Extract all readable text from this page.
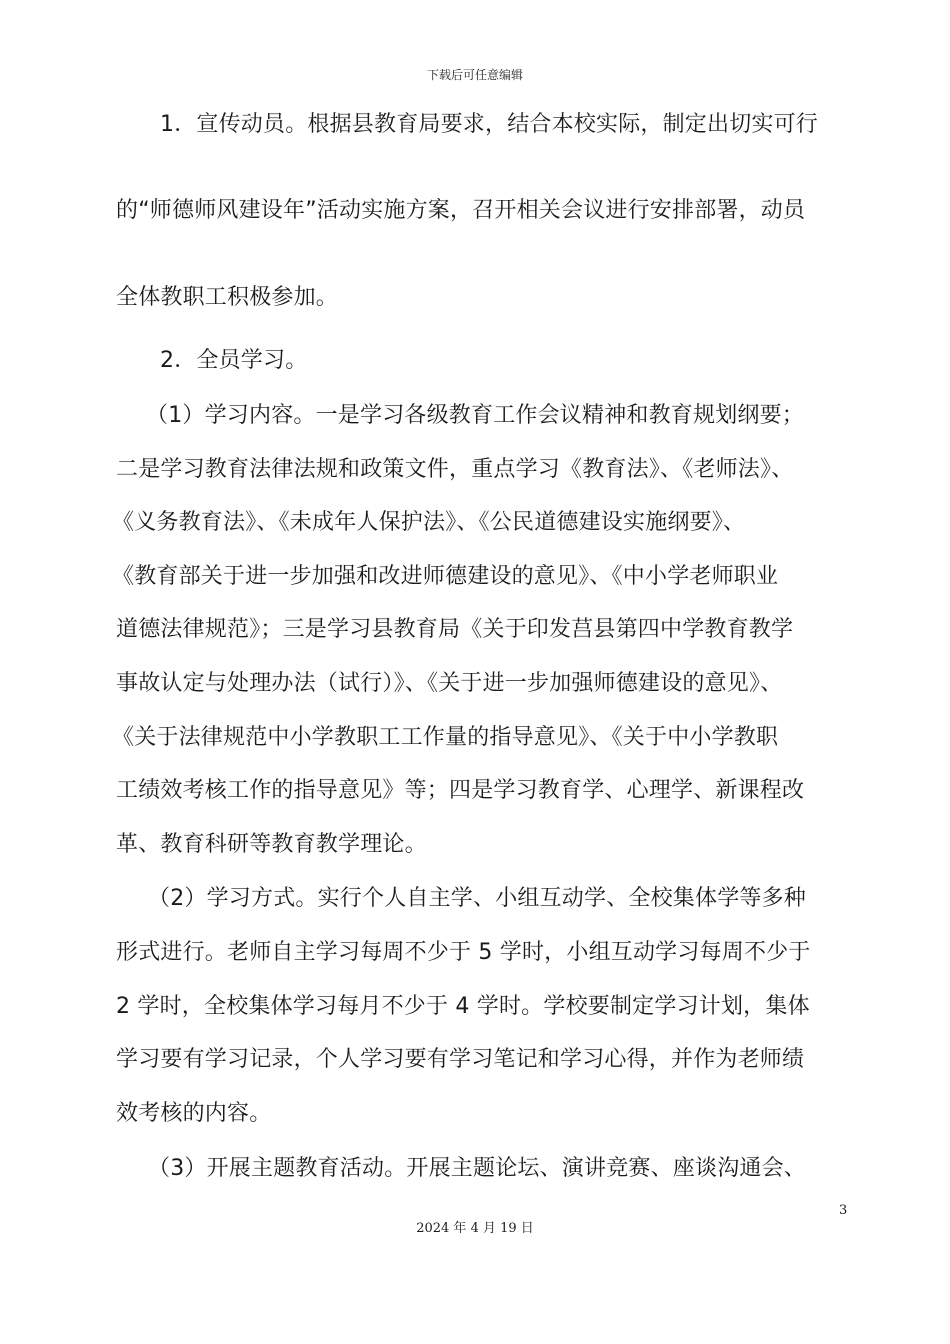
下载后可任意编辑
1．宣传动员。根据县教育局要求，结合本校实际，制定出切实可行
的“师德师风建设年”活动实施方案，召开相关会议进行安排部署，动员
全体教职工积极参加。
2．全员学习。
（1）学习内容。一是学习各级教育工作会议精神和教育规划纲要；
二是学习教育法律法规和政策文件，重点学习《教育法》、《老师法》、
《义务教育法》、《未成年人保护法》、《公民道德建设实施纲要》、
《教育部关于进一步加强和改进师德建设的意见》、《中小学老师职业
道德法律规范》；三是学习县教育局《关于印发莒县第四中学教育教学
事故认定与处理办法（试行）》、《关于进一步加强师德建设的意见》、
《关于法律规范中小学教职工工作量的指导意见》、《关于中小学教职
工绩效考核工作的指导意见》等；四是学习教育学、心理学、新课程改
革、教育科研等教育教学理论。
（2）学习方式。实行个人自主学、小组互动学、全校集体学等多种
形式进行。老师自主学习每周不少于 5 学时，小组互动学习每周不少于
2 学时，全校集体学习每月不少于 4 学时。学校要制定学习计划，集体
学习要有学习记录，个人学习要有学习笔记和学习心得，并作为老师绩
效考核的内容。
（3）开展主题教育活动。开展主题论坛、演讲竞赛、座谈沟通会、
3
2024 年 4 月 19 日
